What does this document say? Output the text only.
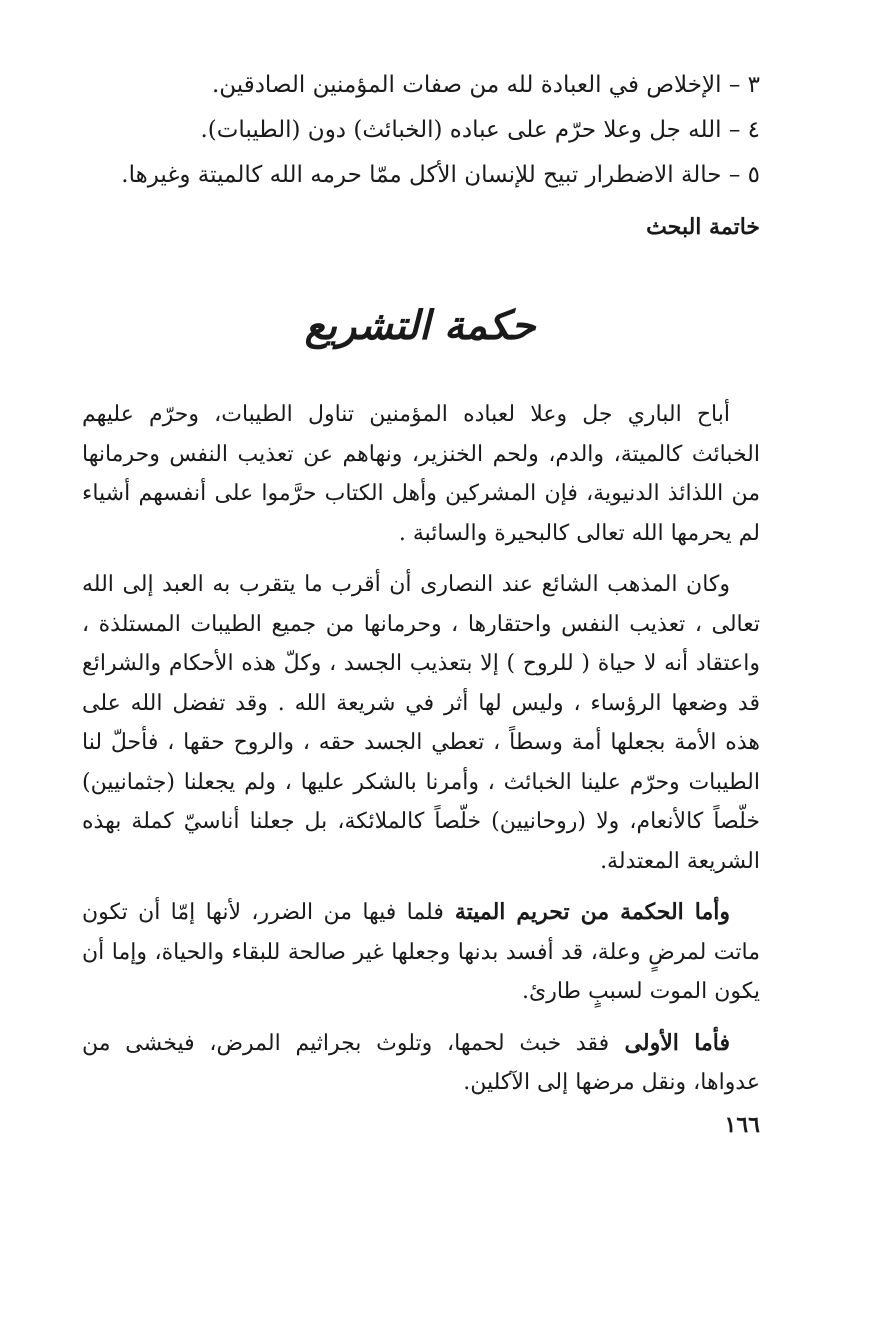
٣ – الإخلاص في العبادة لله من صفات المؤمنين الصادقين.
٤ – الله جل وعلا حرّم على عباده (الخبائث) دون (الطيبات).
٥ – حالة الاضطرار تبيح للإنسان الأكل ممّا حرمه الله كالميتة وغيرها.
خاتمة البحث
حكمة التشريع

أباح الباري جل وعلا لعباده المؤمنين تناول الطيبات، وحرّم عليهم الخبائث كالميتة، والدم، ولحم الخنزير، ونهاهم عن تعذيب النفس وحرمانها من اللذائذ الدنيوية، فإن المشركين وأهل الكتاب حرَّموا على أنفسهم أشياء لم يحرمها الله تعالى كالبحيرة والسائبة .

وكان المذهب الشائع عند النصارى أن أقرب ما يتقرب به العبد إلى الله تعالى ، تعذيب النفس واحتقارها ، وحرمانها من جميع الطيبات المستلذة ، واعتقاد أنه لا حياة ( للروح ) إلا بتعذيب الجسد ، وكلّ هذه الأحكام والشرائع قد وضعها الرؤساء ، وليس لها أثر في شريعة الله . وقد تفضل الله على هذه الأمة بجعلها أمة وسطاً ، تعطي الجسد حقه ، والروح حقها ، فأحلّ لنا الطيبات وحرّم علينا الخبائث ، وأمرنا بالشكر عليها ، ولم يجعلنا (جثمانيين) خلّصاً كالأنعام، ولا (روحانيين) خلّصاً كالملائكة، بل جعلنا أناسيّ كملة بهذه الشريعة المعتدلة.

وأما الحكمة من تحريم الميتة فلما فيها من الضرر، لأنها إمّا أن تكون ماتت لمرضٍ وعلة، قد أفسد بدنها وجعلها غير صالحة للبقاء والحياة، وإما أن يكون الموت لسببٍ طارئ.

فأما الأولى فقد خبث لحمها، وتلوث بجراثيم المرض، فيخشى من عدواها، ونقل مرضها إلى الآكلين.

١٦٦
